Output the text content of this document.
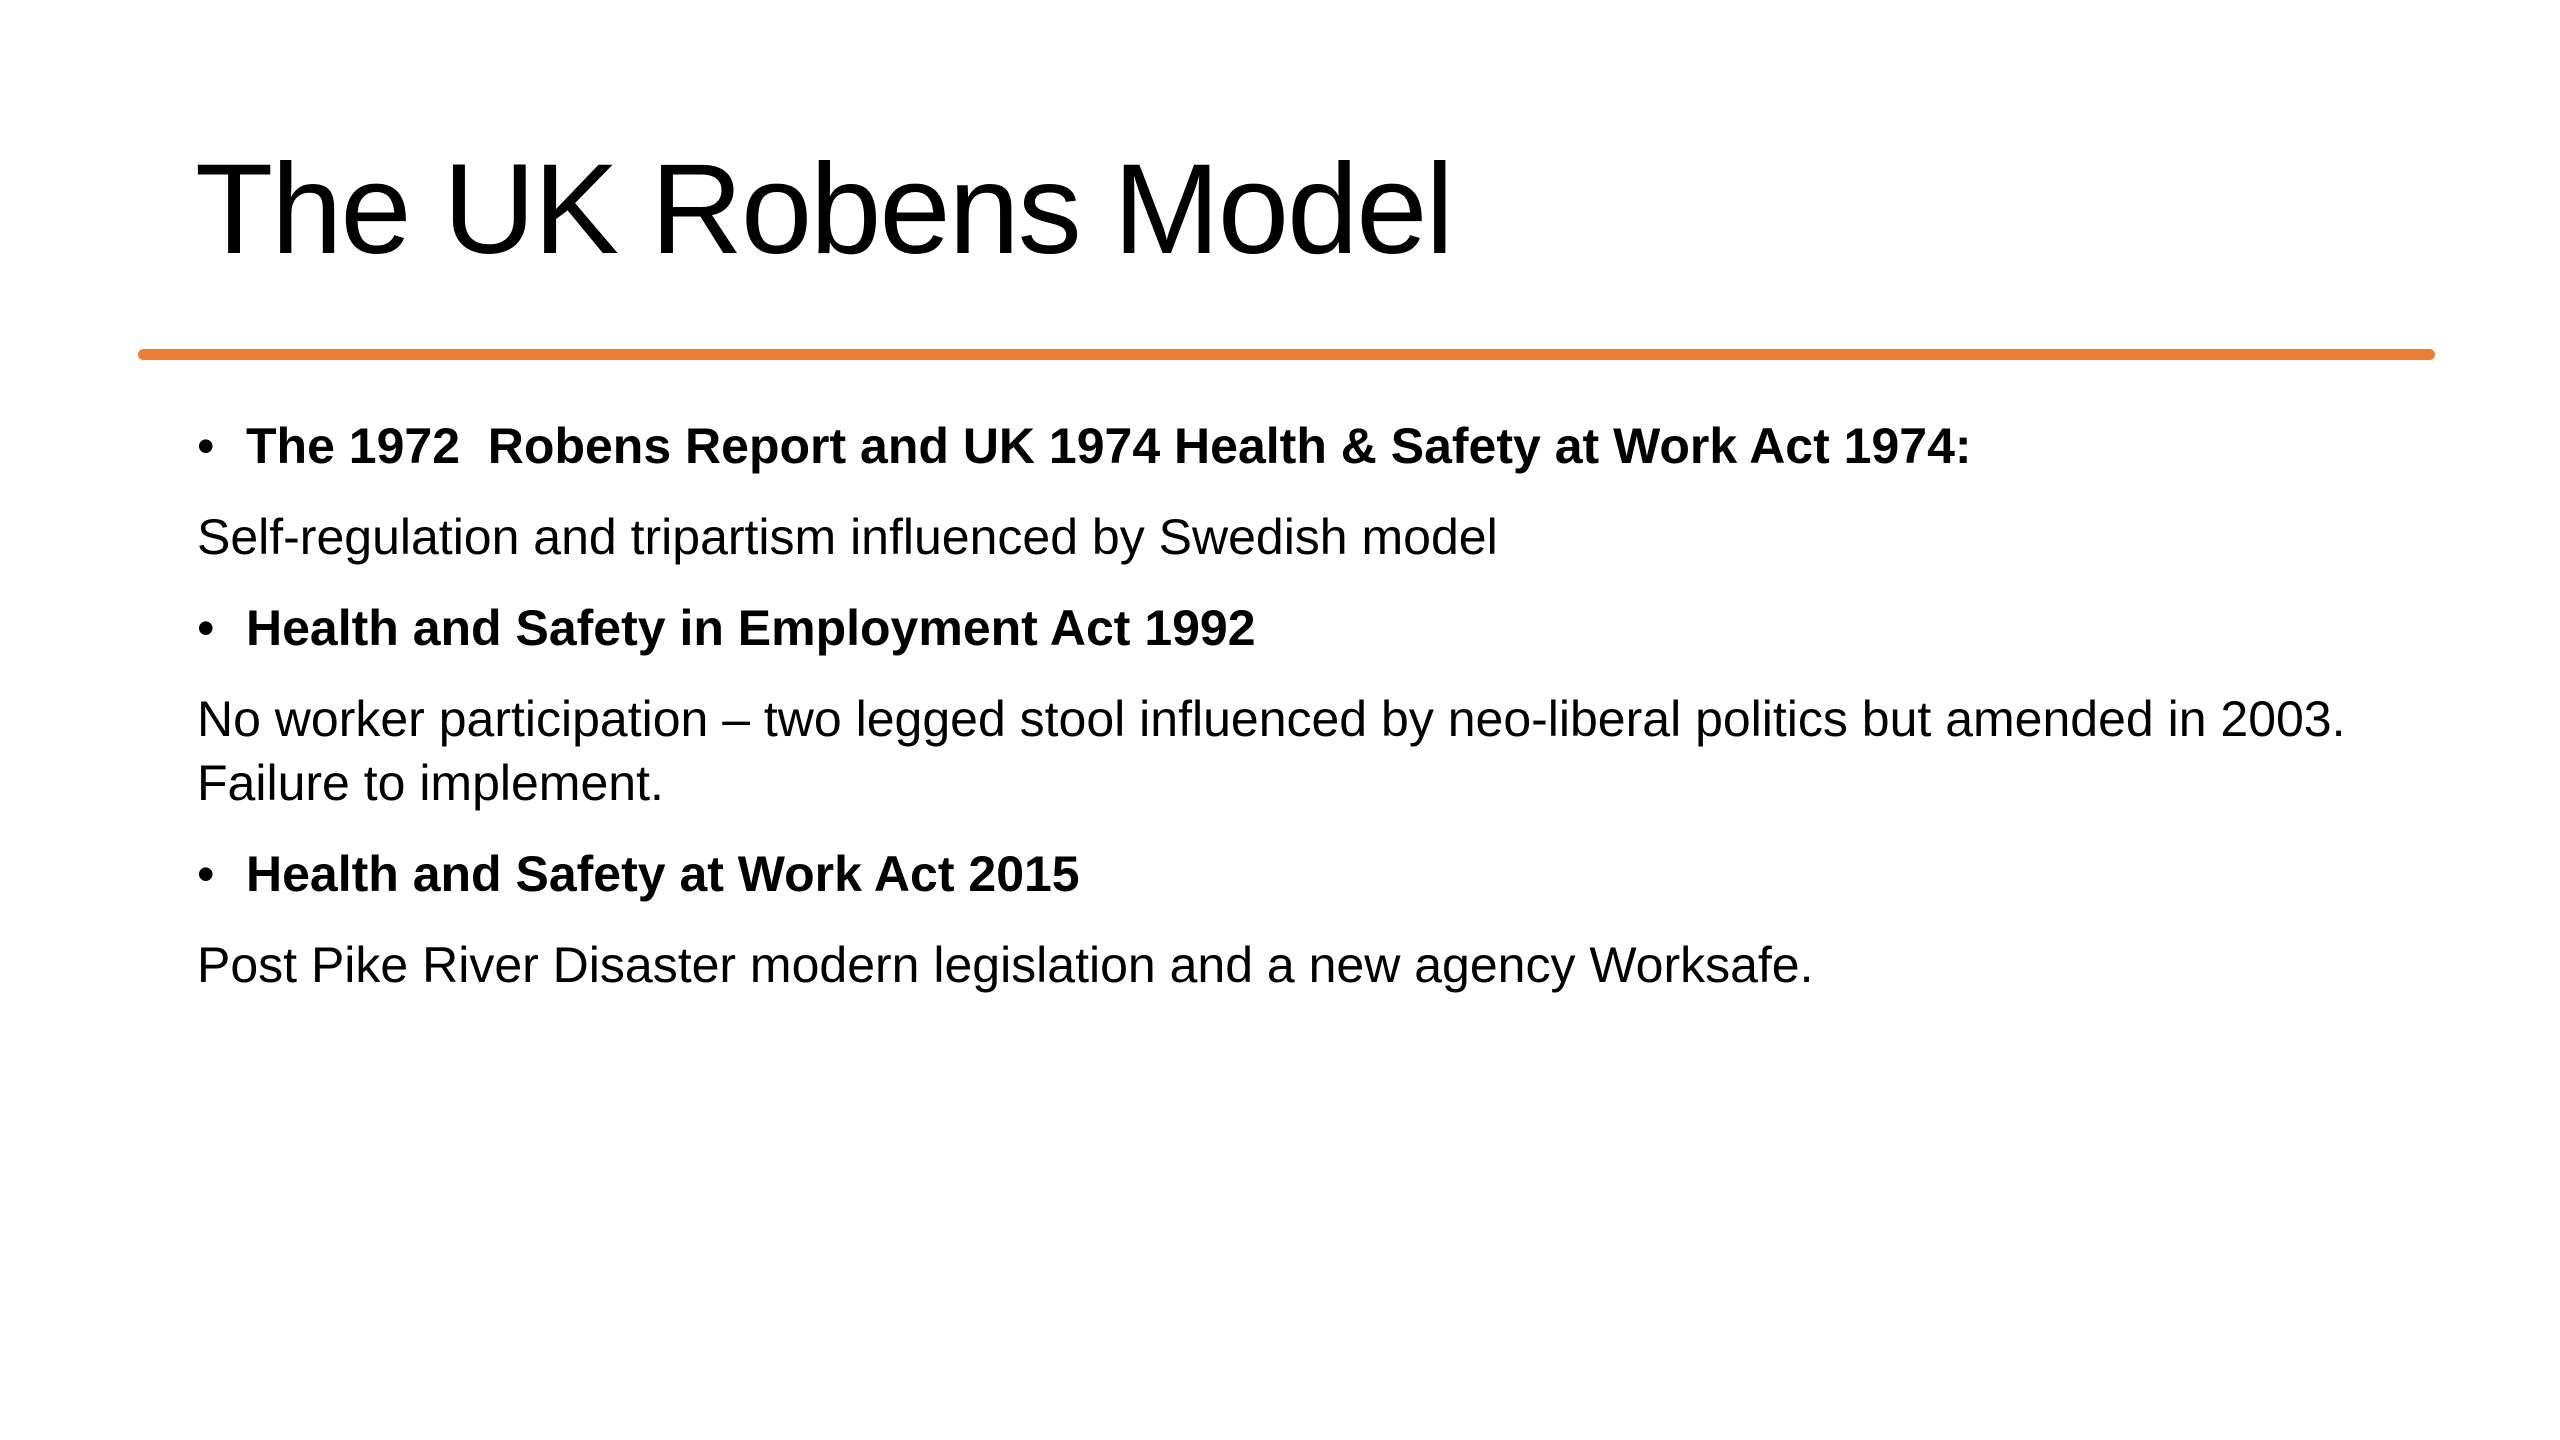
The UK Robens Model
• The 1972  Robens Report and UK 1974 Health & Safety at Work Act 1974:
Self-regulation and tripartism influenced by Swedish model
• Health and Safety in Employment Act 1992
No worker participation – two legged stool influenced by neo-liberal politics but amended in 2003. Failure to implement.
• Health and Safety at Work Act 2015
Post Pike River Disaster modern legislation and a new agency Worksafe.
